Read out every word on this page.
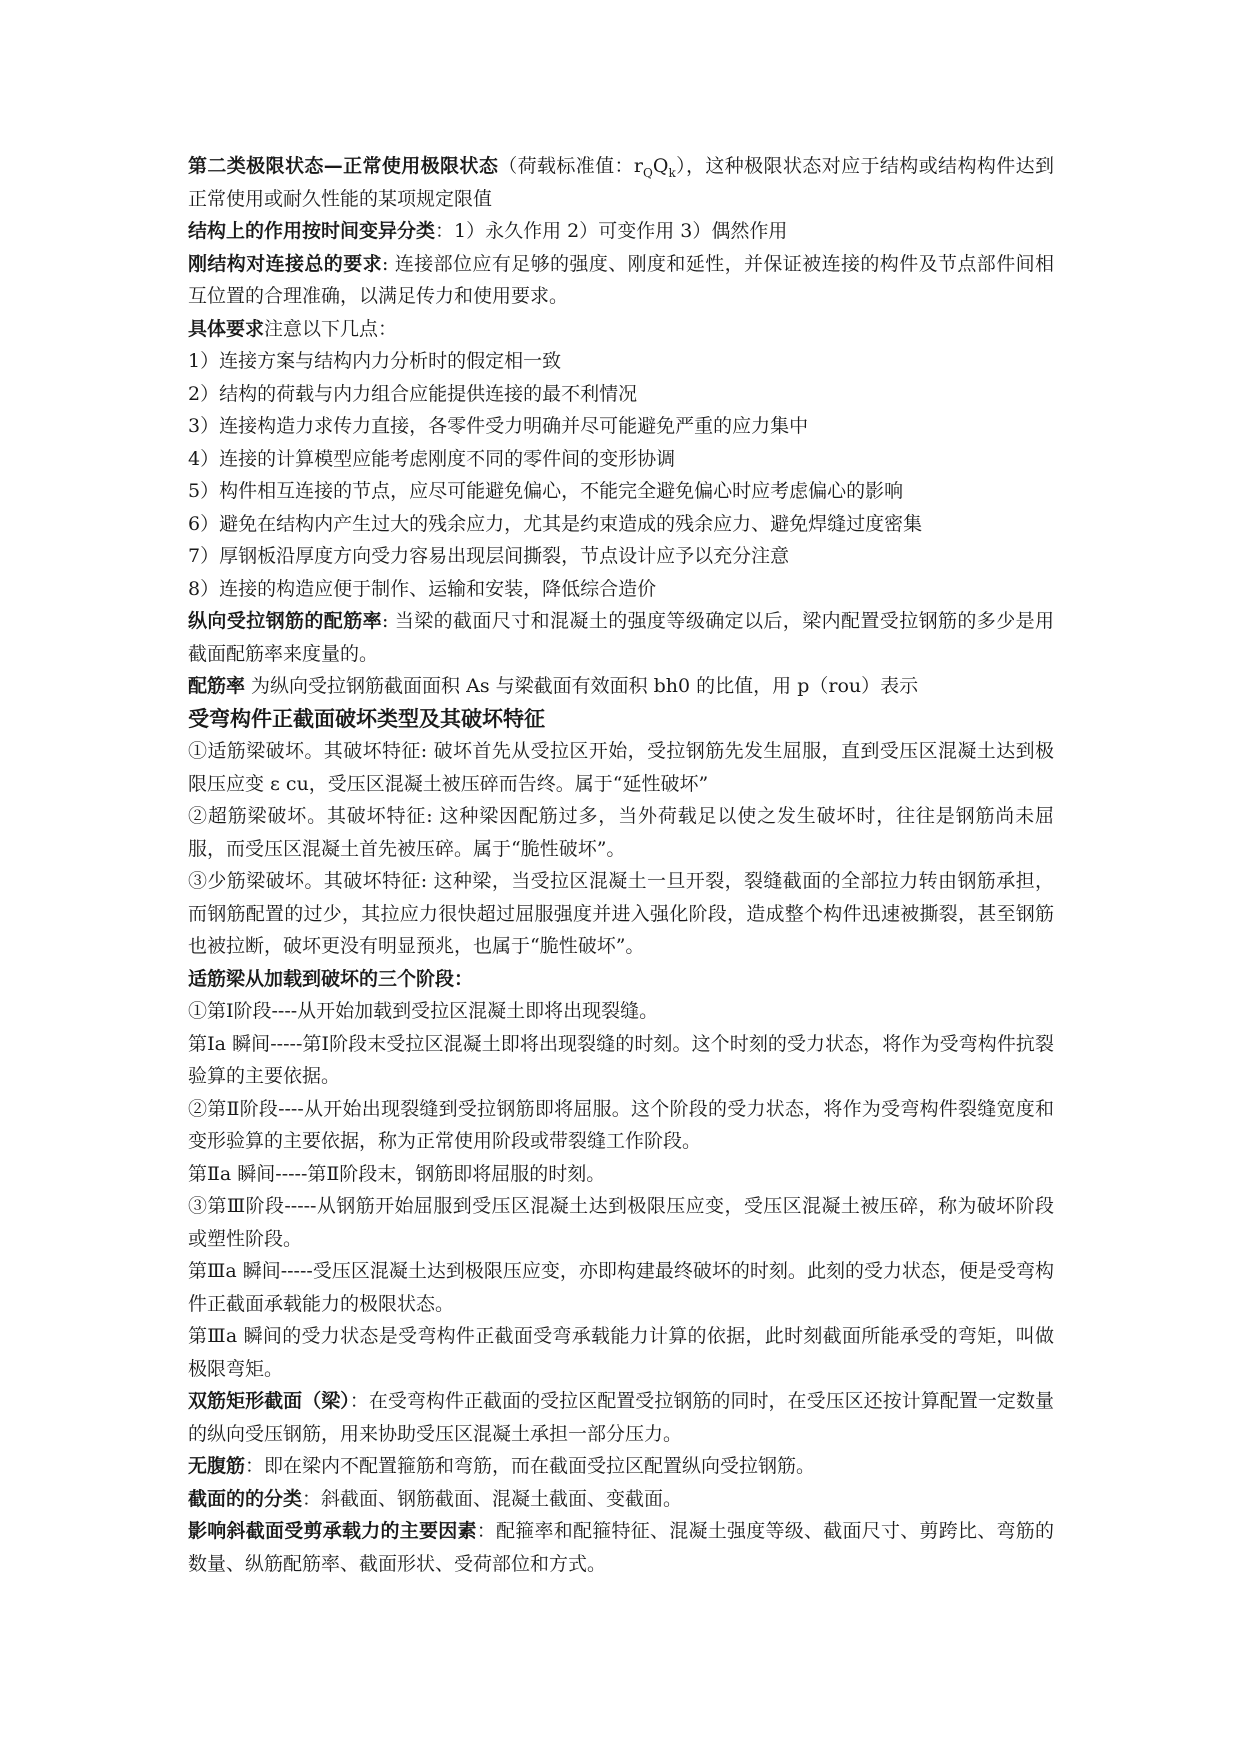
第二类极限状态—正常使用极限状态（荷载标准值：$r_QQ_k$），这种极限状态对应于结构或结构构件达到正常使用或耐久性能的某项规定限值

结构上的作用按时间变异分类：1）永久作用 2）可变作用 3）偶然作用

刚结构对连接总的要求: 连接部位应有足够的强度、刚度和延性，并保证被连接的构件及节点部件间相互位置的合理准确，以满足传力和使用要求。

具体要求注意以下几点：

1）连接方案与结构内力分析时的假定相一致

2）结构的荷载与内力组合应能提供连接的最不利情况

3）连接构造力求传力直接，各零件受力明确并尽可能避免严重的应力集中

4）连接的计算模型应能考虑刚度不同的零件间的变形协调

5）构件相互连接的节点，应尽可能避免偏心，不能完全避免偏心时应考虑偏心的影响

6）避免在结构内产生过大的残余应力，尤其是约束造成的残余应力、避免焊缝过度密集

7）厚钢板沿厚度方向受力容易出现层间撕裂，节点设计应予以充分注意

8）连接的构造应便于制作、运输和安装，降低综合造价

纵向受拉钢筋的配筋率: 当梁的截面尺寸和混凝土的强度等级确定以后，梁内配置受拉钢筋的多少是用截面配筋率来度量的。

配筋率 为纵向受拉钢筋截面面积 As 与梁截面有效面积 bh0 的比值，用 p（rou）表示

受弯构件正截面破坏类型及其破坏特征

①适筋梁破坏。其破坏特征: 破坏首先从受拉区开始，受拉钢筋先发生屈服，直到受压区混凝土达到极限压应变 ε cu，受压区混凝土被压碎而告终。属于“延性破坏”

②超筋梁破坏。其破坏特征: 这种梁因配筋过多，当外荷载足以使之发生破坏时，往往是钢筋尚未屈服，而受压区混凝土首先被压碎。属于“脆性破坏”。

③少筋梁破坏。其破坏特征: 这种梁，当受拉区混凝土一旦开裂，裂缝截面的全部拉力转由钢筋承担，而钢筋配置的过少，其拉应力很快超过屈服强度并进入强化阶段，造成整个构件迅速被撕裂，甚至钢筋也被拉断，破坏更没有明显预兆，也属于“脆性破坏”。

适筋梁从加载到破坏的三个阶段：

①第Ⅰ阶段----从开始加载到受拉区混凝土即将出现裂缝。

第Ⅰa 瞬间-----第Ⅰ阶段末受拉区混凝土即将出现裂缝的时刻。这个时刻的受力状态，将作为受弯构件抗裂验算的主要依据。

②第Ⅱ阶段----从开始出现裂缝到受拉钢筋即将屈服。这个阶段的受力状态，将作为受弯构件裂缝宽度和变形验算的主要依据，称为正常使用阶段或带裂缝工作阶段。

第Ⅱa 瞬间-----第Ⅱ阶段末，钢筋即将屈服的时刻。

③第Ⅲ阶段-----从钢筋开始屈服到受压区混凝土达到极限压应变，受压区混凝土被压碎，称为破坏阶段或塑性阶段。

第Ⅲa 瞬间-----受压区混凝土达到极限压应变，亦即构建最终破坏的时刻。此刻的受力状态，便是受弯构件正截面承载能力的极限状态。

第Ⅲa 瞬间的受力状态是受弯构件正截面受弯承载能力计算的依据，此时刻截面所能承受的弯矩，叫做极限弯矩。

双筋矩形截面（梁）：在受弯构件正截面的受拉区配置受拉钢筋的同时，在受压区还按计算配置一定数量的纵向受压钢筋，用来协助受压区混凝土承担一部分压力。

无腹筋：即在梁内不配置箍筋和弯筋，而在截面受拉区配置纵向受拉钢筋。

截面的的分类：斜截面、钢筋截面、混凝土截面、变截面。

影响斜截面受剪承载力的主要因素：配箍率和配箍特征、混凝土强度等级、截面尺寸、剪跨比、弯筋的数量、纵筋配筋率、截面形状、受荷部位和方式。
